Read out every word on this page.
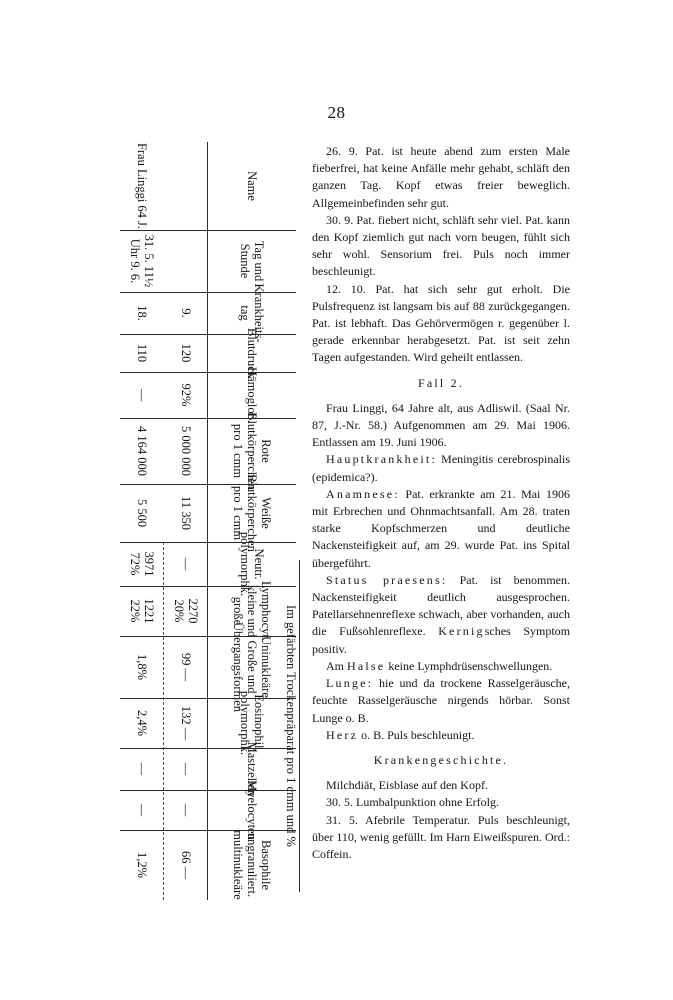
28
Name
Frau Linggi 64 J.
Tag und Stunde
31. 5. 11½ Uhr 9. 6.
Krankheits-tag
9.
18.
Blutdruck
120
110
Hämoglob.
92%
—
Rote Blutkörperchen pro 1 cmm
5 000 000
4 164 000
Weiße Blutkörperchen pro 1 cmm
11 350
5 500
Neutr. polymorphk.
—
3971 72%
Lymphocyt. kleine und große
2270 20%
1221 22%
Uninukleäre Große und Übergangsformen
99 —
1,8%
Eosinophil. polymorphk.
132 —
2,4%
Mastzellen
—
—
Myelocyten
—
—
Basophile ungranuliert. multinukleäre
66 —
1,2%
Im gefärbten Trockenpräparat pro 1 cmm und %

26. 9. Pat. ist heute abend zum ersten Male fieberfrei, hat keine Anfälle mehr gehabt, schläft den ganzen Tag. Kopf etwas freier beweglich. Allgemeinbefinden sehr gut.

30. 9. Pat. fiebert nicht, schläft sehr viel. Pat. kann den Kopf ziemlich gut nach vorn beugen, fühlt sich sehr wohl. Sensorium frei. Puls noch immer beschleunigt.

12. 10. Pat. hat sich sehr gut erholt. Die Pulsfrequenz ist langsam bis auf 88 zurückgegangen. Pat. ist lebhaft. Das Gehörvermögen r. gegenüber l. gerade erkennbar herabgesetzt. Pat. ist seit zehn Tagen aufgestanden. Wird geheilt entlassen.

Fall 2.

Frau Linggi, 64 Jahre alt, aus Adliswil. (Saal Nr. 87, J.-Nr. 58.) Aufgenommen am 29. Mai 1906. Entlassen am 19. Juni 1906.

Hauptkrankheit: Meningitis cerebrospinalis (epidemica?).

Anamnese: Pat. erkrankte am 21. Mai 1906 mit Erbrechen und Ohnmachtsanfall. Am 28. traten starke Kopfschmerzen und deutliche Nackensteifigkeit auf, am 29. wurde Pat. ins Spital übergeführt.

Status praesens: Pat. ist benommen. Nackensteifigkeit deutlich ausgesprochen. Patellarsehnenreflexe schwach, aber vorhanden, auch die Fußsohlenreflexe. Kernigsches Symptom positiv.

Am Halse keine Lymphdrüsenschwellungen.

Lunge: hie und da trockene Rasselgeräusche, feuchte Rasselgeräusche nirgends hörbar. Sonst Lunge o. B.

Herz o. B. Puls beschleunigt.

Krankengeschichte.

Milchdiät, Eisblase auf den Kopf.

30. 5. Lumbalpunktion ohne Erfolg.

31. 5. Afebrile Temperatur. Puls beschleunigt, über 110, wenig gefüllt. Im Harn Eiweißspuren. Ord.: Coffein.
